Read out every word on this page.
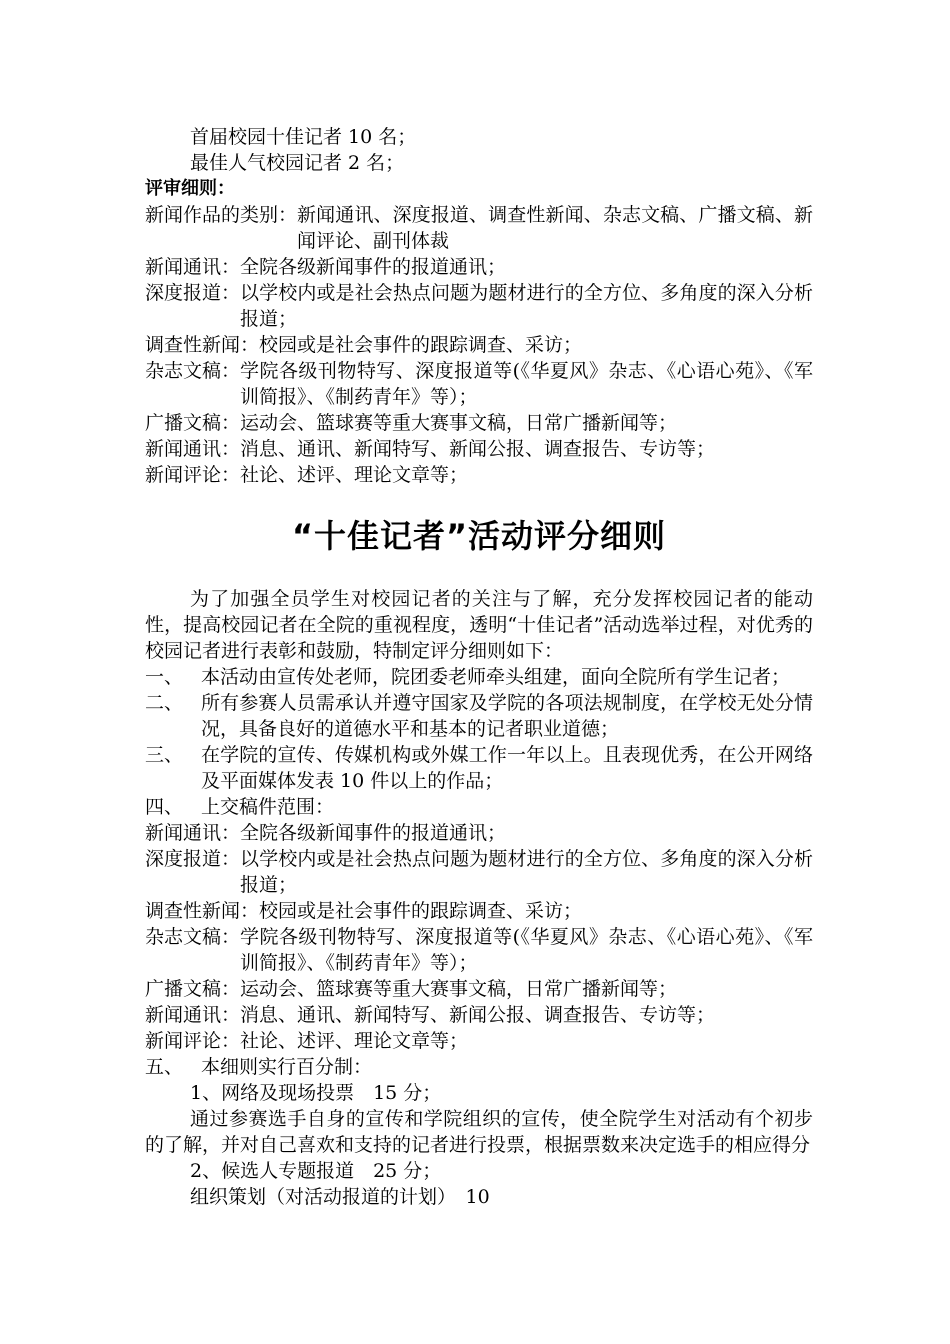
首届校园十佳记者 10 名；
最佳人气校园记者 2 名；
评审细则：
新闻作品的类别： 新闻通讯、深度报道、调查性新闻、杂志文稿、广播文稿、新闻评论、副刊体裁
新闻通讯： 全院各级新闻事件的报道通讯；
深度报道： 以学校内或是社会热点问题为题材进行的全方位、多角度的深入分析报道；
调查性新闻： 校园或是社会事件的跟踪调查、采访；
杂志文稿： 学院各级刊物特写、深度报道等(《华夏风》杂志、《心语心苑》、《军训简报》、《制药青年》等）；
广播文稿： 运动会、篮球赛等重大赛事文稿，日常广播新闻等；
新闻通讯： 消息、通讯、新闻特写、新闻公报、调查报告、专访等；
新闻评论： 社论、述评、理论文章等；
“十佳记者”活动评分细则
为了加强全员学生对校园记者的关注与了解，充分发挥校园记者的能动性，提高校园记者在全院的重视程度，透明“十佳记者”活动选举过程，对优秀的校园记者进行表彰和鼓励，特制定评分细则如下：
一、 本活动由宣传处老师，院团委老师牵头组建，面向全院所有学生记者；
二、 所有参赛人员需承认并遵守国家及学院的各项法规制度，在学校无处分情况，具备良好的道德水平和基本的记者职业道德；
三、 在学院的宣传、传媒机构或外媒工作一年以上。且表现优秀，在公开网络及平面媒体发表 10 件以上的作品；
四、 上交稿件范围：
新闻通讯： 全院各级新闻事件的报道通讯；
深度报道： 以学校内或是社会热点问题为题材进行的全方位、多角度的深入分析报道；
调查性新闻： 校园或是社会事件的跟踪调查、采访；
杂志文稿： 学院各级刊物特写、深度报道等(《华夏风》杂志、《心语心苑》、《军训简报》、《制药青年》等）；
广播文稿： 运动会、篮球赛等重大赛事文稿，日常广播新闻等；
新闻通讯： 消息、通讯、新闻特写、新闻公报、调查报告、专访等；
新闻评论： 社论、述评、理论文章等；
五、 本细则实行百分制：
1、网络及现场投票　15 分；
通过参赛选手自身的宣传和学院组织的宣传，使全院学生对活动有个初步的了解，并对自己喜欢和支持的记者进行投票，根据票数来决定选手的相应得分
2、候选人专题报道　25 分；
组织策划（对活动报道的计划）　10
